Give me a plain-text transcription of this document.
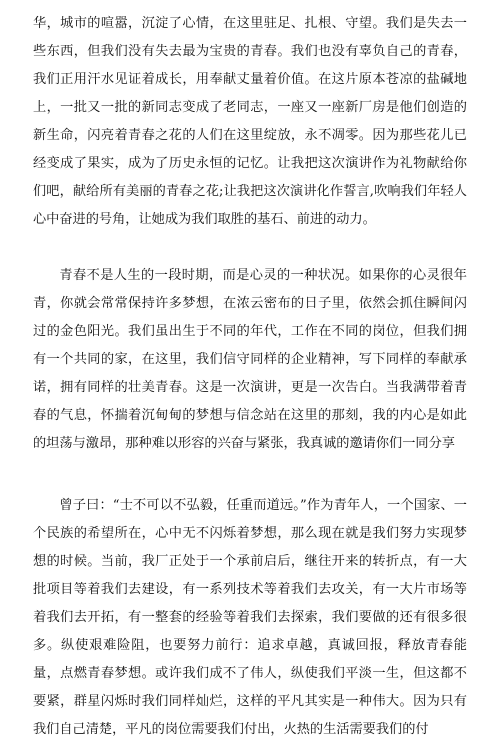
华，城市的喧嚣，沉淀了心情，在这里驻足、扎根、守望。我们是失去一些东西，但我们没有失去最为宝贵的青春。我们也没有辜负自己的青春，我们正用汗水见证着成长，用奉献丈量着价值。在这片原本苍凉的盐碱地上，一批又一批的新同志变成了老同志，一座又一座新厂房是他们创造的新生命，闪亮着青春之花的人们在这里绽放，永不凋零。因为那些花儿已经变成了果实，成为了历史永恒的记忆。让我把这次演讲作为礼物献给你们吧，献给所有美丽的青春之花;让我把这次演讲化作誓言,吹响我们年轻人心中奋进的号角，让她成为我们取胜的基石、前进的动力。

青春不是人生的一段时期，而是心灵的一种状况。如果你的心灵很年青，你就会常常保持许多梦想，在浓云密布的日子里，依然会抓住瞬间闪过的金色阳光。我们虽出生于不同的年代，工作在不同的岗位，但我们拥有一个共同的家，在这里，我们信守同样的企业精神，写下同样的奉献承诺，拥有同样的壮美青春。这是一次演讲，更是一次告白。当我满带着青春的气息，怀揣着沉甸甸的梦想与信念站在这里的那刻，我的内心是如此的坦荡与激昂，那种难以形容的兴奋与紧张，我真诚的邀请你们一同分享

曾子曰：“士不可以不弘毅，任重而道远。”作为青年人，一个国家、一个民族的希望所在，心中无不闪烁着梦想，那么现在就是我们努力实现梦想的时候。当前，我厂正处于一个承前启后，继往开来的转折点，有一大批项目等着我们去建设，有一系列技术等着我们去攻关，有一大片市场等着我们去开拓，有一整套的经验等着我们去探索，我们要做的还有很多很多。纵使艰难险阻，也要努力前行：追求卓越，真诚回报，释放青春能量，点燃青春梦想。或许我们成不了伟人，纵使我们平淡一生，但这都不要紧，群星闪烁时我们同样灿烂，这样的平凡其实是一种伟大。因为只有我们自己清楚，平凡的岗位需要我们付出，火热的生活需要我们的付
